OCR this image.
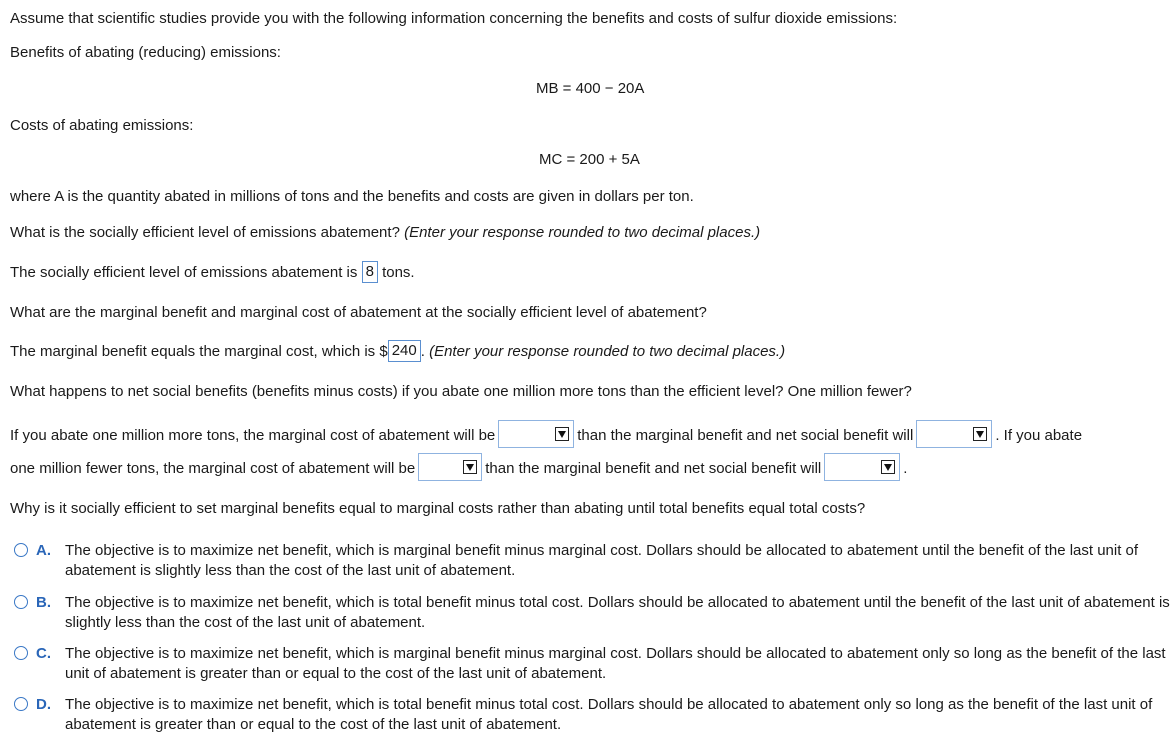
Assume that scientific studies provide you with the following information concerning the benefits and costs of sulfur dioxide emissions:
Benefits of abating (reducing) emissions:
MB = 400 − 20A
Costs of abating emissions:
MC = 200 + 5A
where A is the quantity abated in millions of tons and the benefits and costs are given in dollars per ton.
What is the socially efficient level of emissions abatement? (Enter your response rounded to two decimal places.)
The socially efficient level of emissions abatement is 8 tons.
What are the marginal benefit and marginal cost of abatement at the socially efficient level of abatement?
The marginal benefit equals the marginal cost, which is $ 240 . (Enter your response rounded to two decimal places.)
What happens to net social benefits (benefits minus costs) if you abate one million more tons than the efficient level? One million fewer?
If you abate one million more tons, the marginal cost of abatement will be	than the marginal benefit and net social benefit will	. If you abate
one million fewer tons, the marginal cost of abatement will be	than the marginal benefit and net social benefit will	.
Why is it socially efficient to set marginal benefits equal to marginal costs rather than abating until total benefits equal total costs?
A. The objective is to maximize net benefit, which is marginal benefit minus marginal cost. Dollars should be allocated to abatement until the benefit of the last unit of abatement is slightly less than the cost of the last unit of abatement.
B. The objective is to maximize net benefit, which is total benefit minus total cost. Dollars should be allocated to abatement until the benefit of the last unit of abatement is slightly less than the cost of the last unit of abatement.
C. The objective is to maximize net benefit, which is marginal benefit minus marginal cost. Dollars should be allocated to abatement only so long as the benefit of the last unit of abatement is greater than or equal to the cost of the last unit of abatement.
D. The objective is to maximize net benefit, which is total benefit minus total cost. Dollars should be allocated to abatement only so long as the benefit of the last unit of abatement is greater than or equal to the cost of the last unit of abatement.
